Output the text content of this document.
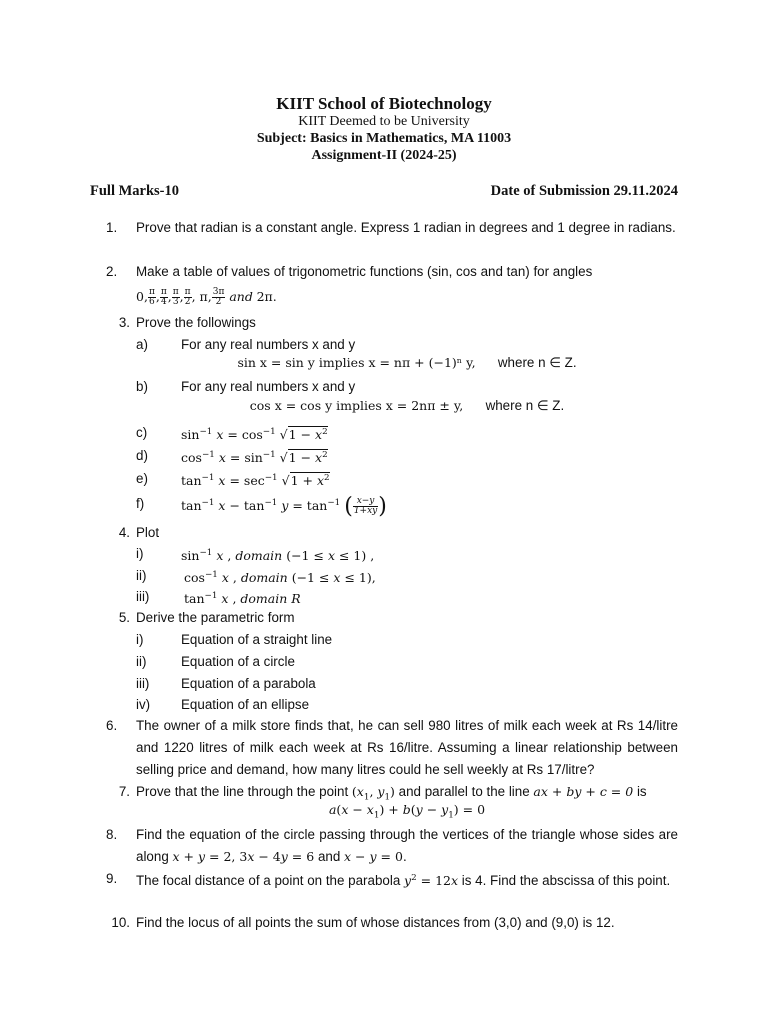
KIIT School of Biotechnology
KIIT Deemed to be University
Subject: Basics in Mathematics, MA 11003
Assignment-II (2024-25)
Full Marks-10	Date of Submission 29.11.2024
1.	Prove that radian is a constant angle. Express 1 radian in degrees and 1 degree in radians.
2.	Make a table of values of trigonometric functions (sin, cos and tan) for angles
0, $\frac{\pi}{6}$ , $\frac{\pi}{4}$ , $\frac{\pi}{3}$ , $\frac{\pi}{2}$ , π, $\frac{3\pi}{2}$ and 2π.
3. Prove the followings
a)	For any real numbers x and y
sin x = sin y implies x = nπ + (−1)ⁿ y, where n ∈ Z.
b)	For any real numbers x and y
cos x = cos y implies x = 2nπ ± y, where n ∈ Z.
c)	$\sin^{-1} x = \cos^{-1} √1 - x^2$
d)	$\cos^{-1} x = \sin^{-1} √1 - x^2$
e)	$\tan^{-1} x = \sec^{-1} √1 + x^2$
f)	$\tan^{-1} x - \tan^{-1} y = \tan^{-1}$ ( $\frac{x-y}{1+xy}$ )
4. Plot
i)	$\sin^{-1} x$ , domain (−1 ≤ x ≤ 1) ,
ii)	$\cos^{-1} x$ , domain (−1 ≤ x ≤ 1),
iii)	$\tan^{-1} x$ , domain R
5. Derive the parametric form
i)	Equation of a straight line
ii)	Equation of a circle
iii)	Equation of a parabola
iv)	Equation of an ellipse
6.	The owner of a milk store finds that, he can sell 980 litres of milk each week at Rs 14/litre and 1220 litres of milk each week at Rs 16/litre. Assuming a linear relationship between selling price and demand, how many litres could he sell weekly at Rs 17/litre?
7. Prove that the line through the point ($x_1$, $y_1$) and parallel to the line ax + by + c = 0 is
$a(x - x_1) + b(y - y_1) = 0$
8.	Find the equation of the circle passing through the vertices of the triangle whose sides are along x + y = 2, 3x − 4y = 6 and x − y = 0.
9.	The focal distance of a point on the parabola $y^2 = 12x$ is 4. Find the abscissa of this point.
10. Find the locus of all points the sum of whose distances from (3,0) and (9,0) is 12.
